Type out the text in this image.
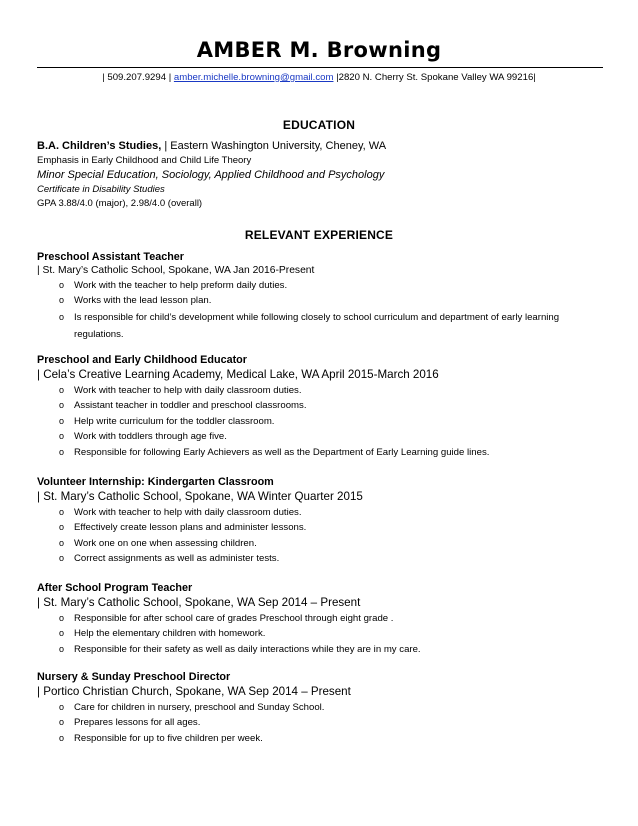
AMBER M. Browning
| 509.207.9294 | amber.michelle.browning@gmail.com |2820 N. Cherry St. Spokane Valley WA 99216|
EDUCATION
B.A. Children’s Studies, | Eastern Washington University, Cheney, WA
Emphasis in Early Childhood and Child Life Theory
Minor Special Education, Sociology, Applied Childhood and Psychology
Certificate in Disability Studies
GPA 3.88/4.0 (major), 2.98/4.0 (overall)
RELEVANT EXPERIENCE
Preschool Assistant Teacher
| St. Mary’s Catholic School, Spokane, WA Jan 2016-Present
o Work with the teacher to help preform daily duties.
o Works with the lead lesson plan.
o Is responsible for child’s development while following closely to school curriculum and department of early learning regulations.
Preschool and Early Childhood Educator
| Cela’s Creative Learning Academy, Medical Lake, WA April 2015-March 2016
o Work with teacher to help with daily classroom duties.
o Assistant teacher in toddler and preschool classrooms.
o Help write curriculum for the toddler classroom.
o Work with toddlers through age five.
o Responsible for following Early Achievers as well as the Department of Early Learning guide lines.
Volunteer Internship: Kindergarten Classroom
| St. Mary’s Catholic School, Spokane, WA Winter Quarter 2015
o Work with teacher to help with daily classroom duties.
o Effectively create lesson plans and administer lessons.
o Work one on one when assessing children.
o Correct assignments as well as administer tests.
After School Program Teacher
| St. Mary’s Catholic School, Spokane, WA Sep 2014 – Present
o Responsible for after school care of grades Preschool through eight grade .
o Help the elementary children with homework.
o Responsible for their safety as well as daily interactions while they are in my care.
Nursery & Sunday Preschool Director
| Portico Christian Church, Spokane, WA Sep 2014 – Present
o Care for children in nursery, preschool and Sunday School.
o Prepares lessons for all ages.
o Responsible for up to five children per week.
